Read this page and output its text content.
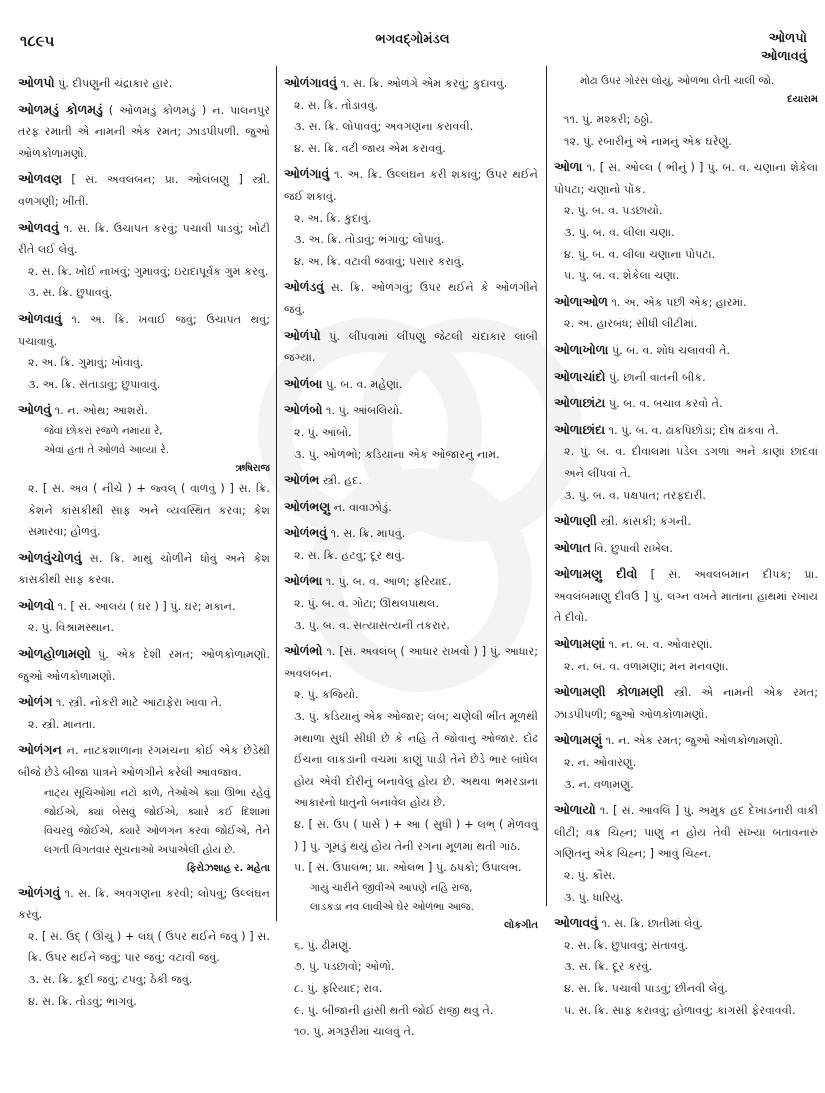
૧૮૯૫	ભગવદ્ગોમંડલ	ઓળપો
ઓળાવવું
ઓળપો પું. દીપણુની ચંદ્રાકાર હાર.
ઓળમડું કોળમડું ( ઓળમડું કોળમડું ) ન. પાલનપુર તરફ રમાતી એ નામની એક રમત; ઝાડપીપળી. જુઓ ઓળકોળામણો.
ઓળવણ [ સં. અવલંબન; પ્રા. ઓલંબણુ ] સ્ત્રી. વળગણી; ખીંતી.
ઓળવવું ૧. સ. ક્રિ. ઉચાપત કરવું; પચાવી પાડવું; ખોટી રીતે લઈ લેવું.
૨. સ. ક્રિ. ખોઈ નાખવું; ગુમાવવું; ઇરાદાપૂર્વક ગુમ કરવું.
૩. સ. ક્રિ. છુપાવવું.
ઓળવાવું ૧. અ. ક્રિ. ખવાઈ જવું; ઉચાપત થવું; પચાવાવું.
૨. અ. ક્રિ. ગુમાવું; ખોવાવું.
૩. અ. ક્રિ. સંતાડાવું; છુપાવાવું.
ઓળવું ૧. ન. ઓથ; આશરો.
જેવાં છોકરાં રજળે નમાયાં રે,
એવાં હતાં તે ઓળવે આવ્યાં રે.
ઋષિરાજ
૨. [ સં. અવ ( નીચે ) + જ્વલ્ ( વાળવું ) ] સ. ક્રિ. કેશને કાંસકીથી સાફ અને વ્યવસ્થિત કરવા; કેશ સમારવા; હોળવું.
ઓળવુંચોળવું સ. ક્રિ. માથું ચોળીને ધોવું અને કેશ કાંસકીથી સાફ કરવા.
ઓળવો ૧. [ સં. આલય ( ઘર ) ] પું. ઘર; મકાન.
૨. પું. વિશ્રામસ્થાન.
ઓળહોળામણો પું. એક દેશી રમત; ઓળકોળામણો. જુઓ ઓળકોળામણો.
ઓળંગ ૧. સ્ત્રી. નોકરી માટે આંટાફેરા ખાવા તે.
૨. સ્ત્રી. માનતા.
ઓળંગન ન. નાટકશાળાના રંગમંચના કોઈ એક છેડેથી બીજે છેડે બીજા પાત્રને ઓળંગીને કરેલી આવજાવ.
નાટ્ય સૂચિઓમાં નટો કાળે, તેઓએ ક્યાં ઊભા રહેવું જોઈએ, ક્યાં બેસવું જોઈએ, ક્યારે કઈ દિશામાં વિચરવું જોઈએ, ક્યારે ઓળંગન કરવાં જોઈએ, તેને લગતી વિગતવાર સૂચનાઓ અપાએલી હોય છે.
ફિરોઝશાહ ર. મહેતા
ઓળંગવું ૧. સ. ક્રિ. અવગણના કરવી; લોપવું; ઉલ્લંઘન કરવું.
૨. [ સં. ઉદ્ ( ઊંચું ) + લંઘ્ ( ઉપર થઈને જવું ) ] સ. ક્રિ. ઉપર થઈને જવું; પાર જવું; વટાવી જવું.
૩. સ. ક્રિ. કૂદી જવું; ટપવું; ઠેકી જવું.
૪. સ. ક્રિ. તોડવું; ભાંગવું.
ઓળંગાવવું ૧. સ. ક્રિ. ઓળંગે એમ કરવું; કુદાવવું.
૨. સ. ક્રિ. તોડાવવું.
૩. સ. ક્રિ. લોપાવવું; અવગણના કરાવવી.
૪. સ. ક્રિ. વટી જાય એમ કરાવવું.
ઓળંગાવું ૧. અ. ક્રિ. ઉલ્લંઘન કરી શકાવું; ઉપર થઈને જઈ શકાવું.
૨. અ. ક્રિ. કુદાવું.
૩. અ. ક્રિ. તોડાવું; ભંગાવું; લોપાવું.
૪. અ. ક્રિ. વટાવી જવાવું; પસાર કરાવું.
ઓળંડવું સ. ક્રિ. ઓળંગવું; ઉપર થઈને કે ઓળંગીને જવું.
ઓળંપો પું. લીંપવામાં લીંપણુ જેટલી ચંદાકાર લાંબી જગ્યા.
ઓળંબા પું. બ. વ. મહેણાં.
ઓળંબો ૧. પું. આંબલિયો.
૨. પું. આંબો.
૩. પું. ઓળંભો; કડિયાના એક ઓજારનું નામ.
ઓળંભ સ્ત્રી. હદ.
ઓળંભણુ ન. વાવાઝોડું.
ઓળંભવું ૧. સ. ક્રિ. માપવું.
૨. સ. ક્રિ. હટવું; દૂર થવું.
ઓળંભા ૧. પું. બ. વ. આળ; ફરિયાદ.
૨. પું. બ. વ. ગોટા; ઊથલપાથલ.
૩. પું. બ. વ. સત્યાસત્યની તકરાર.
ઓળંભો ૧. [સં. અવલંબ્ ( આધાર રાખવો ) ] પું. આધાર; અવલંબન.
૨. પું. કજિયો.
૩. પું. કડિયાનું એક ઓજાર; લંબ; ચણેલી ભીંત મૂળથી મથાળા સુધી સીધી છે કે નહિ તે જોવાનું ઓજાર. દોઢ ઈંચના લાકડાની વચમાં કાણું પાડી તેને છેડે ભાર બાંધેલ હોય એવી દોરીનું બનાવેલું હોય છે. અથવા ભમરડાના આકારનો ધાતુનો બનાવેલ હોય છે.
૪. [ સં. ઉપ ( પાસે ) + આ ( સુધી ) + લભ્ ( મેળવવું ) ] પું. ગૂમડું થયું હોય તેની રગના મૂળમાં થતી ગાંઠ.
૫. [ સં. ઉપાલંભ; પ્રા. ઓલંભ ] પું. ઠપકો; ઉપાલંભ.
ગાયું ચારીને જીવીએ આપણે નહિ રાજ,
લાડકડા નવ લાવીએ ઘેર ઓળંભા આજ.
લોકગીત
૬. પું. ઢીમણું.
૭. પું. પડછાવો; ઓળો.
૮. પું. ફરિયાદ; રાવ.
૯. પું. બીજાની હાંસી થતી જોઈ રાજી થવું તે.
૧૦. પું. મગરૂરીમાં ચાલવું તે.
મોઢા ઉપર ગોરસ લોયું, ઓળંભા લેતી ચાલી જો.
દયારામ
૧૧. પું. મશ્કરી; ઠઠ્ઠો.
૧૨. પું. રબારીનું એ નામનું એક ઘરેણું.
ઓળા ૧. [ સં. ઓલ્લ ( ભીનું ) ] પું. બ. વ. ચણાના શેકેલા પોપટા; ચણાનો પોંક.
૨. પું. બ. વ. પડછાયો.
૩. પું. બ. વ. લીલા ચણા.
૪. પું. બ. વ. લીલા ચણાના પોપટા.
૫. પું. બ. વ. શેકેલા ચણા.
ઓળાઓળ ૧. અ. એક પછી એક; હારમાં.
૨. અ. હારબંધ; સીધી લીટીમાં.
ઓળાખોળા પું. બ. વ. શોધ ચલાવવી તે.
ઓળાચાંદો પું. છાની વાતની બીક.
ઓળાછાંટા પું. બ. વ. બચાવ કરવો તે.
ઓળાછાંદા ૧. પું. બ. વ. ઢાંકપિછોડા; દોષ ઢાંકવા તે.
૨. પું. બ. વ. દીવાલમાં પડેલ ડગળાં અને કાણાં છાંદવાં અને લીંપવાં તે.
૩. પું. બ. વ. પક્ષપાત; તરફદારી.
ઓળાણી સ્ત્રી. કાંસકી; કંગની.
ઓળાત વિ. છુપાવી રાખેલ.
ઓળામણુ દીવો [ સં. અવલંબમાન દીપક; પ્રા. અવલંબમાણુ દીવઉ ] પું. લગ્ન વખતે માતાના હાથમાં રખાય તે દીવો.
ઓળામણાં ૧. ન. બ. વ. ઓવારણાં.
૨. ન. બ. વ. વળામણાં; મન મનવણાં.
ઓળામણી કોળામણી સ્ત્રી. એ નામની એક રમત; ઝાડપીપળી; જુઓ ઓળકોળામણો.
ઓળામણું ૧. ન. એક રમત; જુઓ ઓળકોળામણો.
૨. ન. ઓવારણું.
૩. ન. વળામણું.
ઓળાયો ૧. [ સં. આવલિ ] પું. અમુક હદ દેખાડનારી વાંકી લીટી; વક્ર ચિહ્ન; પાણુ ન હોય તેવી સંખ્યા બતાવનારું ગણિતનું એક ચિહ્ન; ] આવું ચિહ્ન.
૨. પું. કૌંસ.
૩. પું. ધારિયું.
ઓળાવવું ૧. સ. ક્રિ. છાતીમાં લેવું.
૨. સ. ક્રિ. છુપાવવું; સંતાવવું.
૩. સ. ક્રિ. દૂર કરવું.
૪. સ. ક્રિ. પચાવી પાડવું; છીનવી લેવું.
૫. સ. ક્રિ. સાફ કરાવવું; હોળાવવું; કાંગસી ફેરવાવવી.
